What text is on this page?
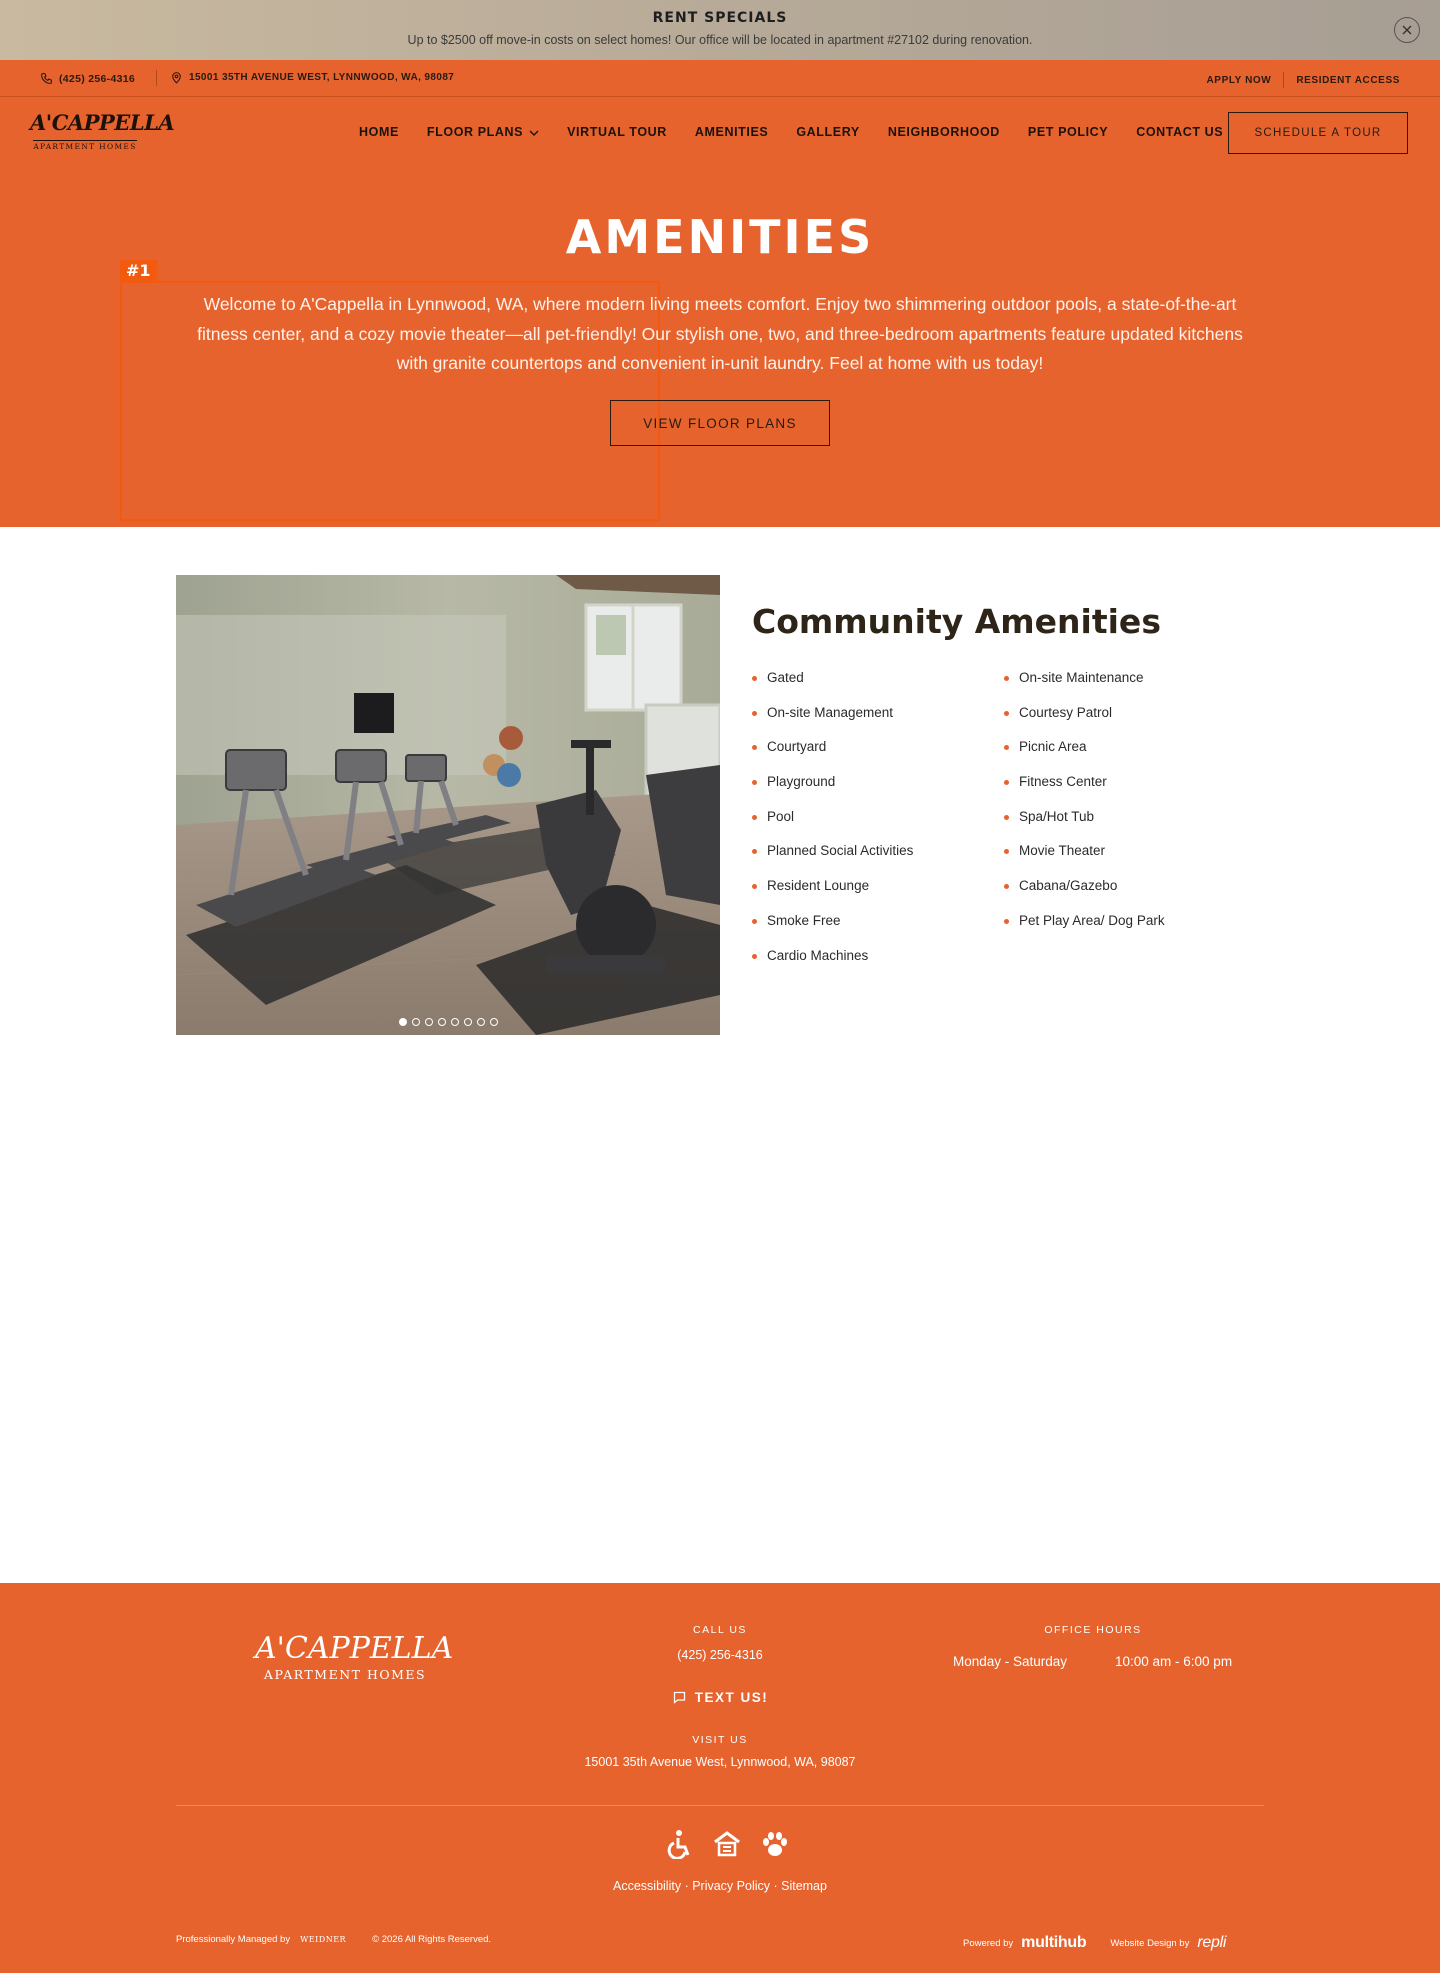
RENT SPECIALS
Up to $2500 off move-in costs on select homes! Our office will be located in apartment #27102 during renovation.
(425) 256-4316	15001 35TH AVENUE WEST, LYNNWOOD, WA, 98087	APPLY NOW	RESIDENT ACCESS
A'CAPPELLA
APARTMENT HOMES
HOME FLOOR PLANS	VIRTUAL TOUR AMENITIES GALLERY NEIGHBORHOOD PET POLICY CONTACT US	SCHEDULE A TOUR
AMENITIES
#1
Welcome to A'Cappella in Lynnwood, WA, where modern living meets comfort. Enjoy two shimmering outdoor pools, a state-of-the-art fitness center, and a cozy movie theater—all pet-friendly! Our stylish one, two, and three-bedroom apartments feature updated kitchens with granite countertops and convenient in-unit laundry. Feel at home with us today!
VIEW FLOOR PLANS
Community Amenities
Gated
On-site Management
Courtyard
Playground
Pool
Planned Social Activities
Resident Lounge
Smoke Free
Cardio Machines
On-site Maintenance
Courtesy Patrol
Picnic Area
Fitness Center
Spa/Hot Tub
Movie Theater
Cabana/Gazebo
Pet Play Area/ Dog Park
A'CAPPELLA
APARTMENT HOMES
CALL US
(425) 256-4316
TEXT US!
VISIT US
15001 35th Avenue West, Lynnwood, WA, 98087
OFFICE HOURS
Monday - Saturday	10:00 am - 6:00 pm
Accessibility · Privacy Policy · Sitemap
Professionally Managed by WEIDNER	© 2026 All Rights Reserved.	Powered by multihub	Website Design by repli
